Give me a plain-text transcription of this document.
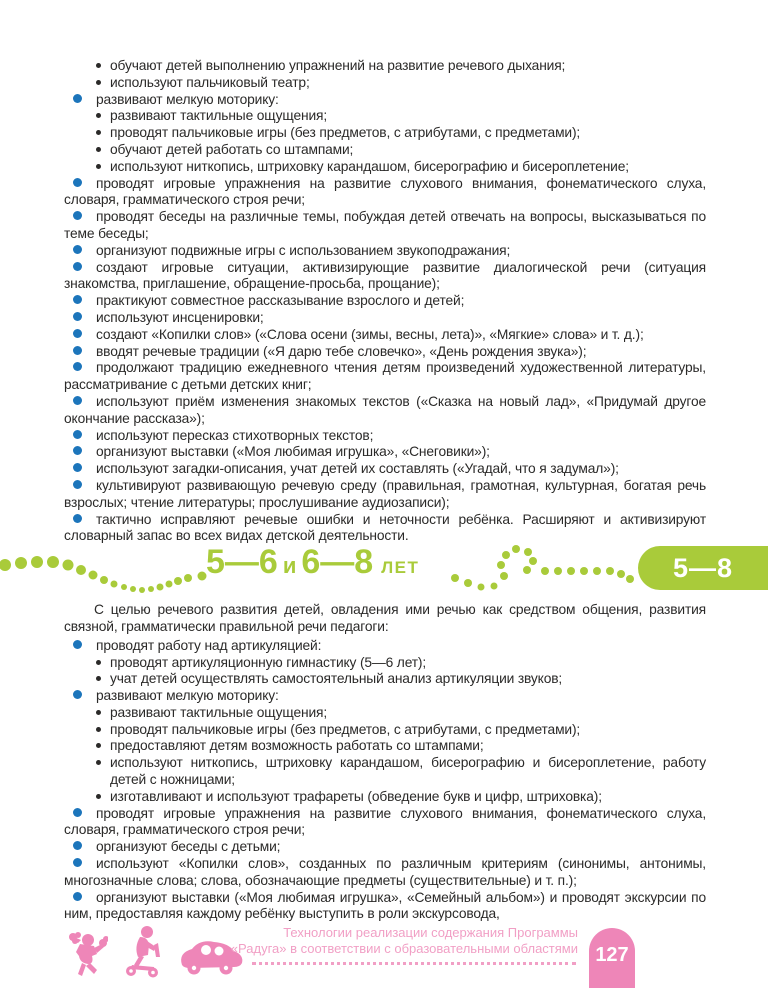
обучают детей выполнению упражнений на развитие речевого дыхания;

используют пальчиковый театр;

развивают мелкую моторику:

развивают тактильные ощущения;

проводят пальчиковые игры (без предметов, с атрибутами, с предметами);

обучают детей работать со штампами;

используют ниткопись, штриховку карандашом, бисерографию и бисероплетение;

проводят игровые упражнения на развитие слухового внимания, фонематического слуха, словаря, грамматического строя речи;

проводят беседы на различные темы, побуждая детей отвечать на вопросы, высказываться по теме беседы;

организуют подвижные игры с использованием звукоподражания;

создают игровые ситуации, активизирующие развитие диалогической речи (ситуация знакомства, приглашение, обращение-просьба, прощание);

практикуют совместное рассказывание взрослого и детей;

используют инсценировки;

создают «Копилки слов» («Слова осени (зимы, весны, лета)», «Мягкие» слова» и т. д.);

вводят речевые традиции («Я дарю тебе словечко», «День рождения звука»);

продолжают традицию ежедневного чтения детям произведений художественной литературы, рассматривание с детьми детских книг;

используют приём изменения знакомых текстов («Сказка на новый лад», «Придумай другое окончание рассказа»);

используют пересказ стихотворных текстов;

организуют выставки («Моя любимая игрушка», «Снеговики»);

используют загадки-описания, учат детей их составлять («Угадай, что я задумал»);

культивируют развивающую речевую среду (правильная, грамотная, культурная, богатая речь взрослых; чтение литературы; прослушивание аудиозаписи);

тактично исправляют речевые ошибки и неточности ребёнка. Расширяют и активизируют словарный запас во всех видах детской деятельности.

5—6 и 6—8 ЛЕТ	5—8

С целью речевого развития детей, овладения ими речью как средством общения, развития связной, грамматически правильной речи педагоги:

проводят работу над артикуляцией:

проводят артикуляционную гимнастику (5—6 лет);

учат детей осуществлять самостоятельный анализ артикуляции звуков;

развивают мелкую моторику:

развивают тактильные ощущения;

проводят пальчиковые игры (без предметов, с атрибутами, с предметами);

предоставляют детям возможность работать со штампами;

используют ниткопись, штриховку карандашом, бисерографию и бисероплетение, работу детей с ножницами;

изготавливают и используют трафареты (обведение букв и цифр, штриховка);

проводят игровые упражнения на развитие слухового внимания, фонематического слуха, словаря, грамматического строя речи;

организуют беседы с детьми;

используют «Копилки слов», созданных по различным критериям (синонимы, антонимы, многозначные слова; слова, обозначающие предметы (существительные) и т. п.);

организуют выставки («Моя любимая игрушка», «Семейный альбом») и проводят экскурсии по ним, предоставляя каждому ребёнку выступить в роли экскурсовода,

Технологии реализации содержания Программы
«Радуга» в соответствии с образовательными областями 127
